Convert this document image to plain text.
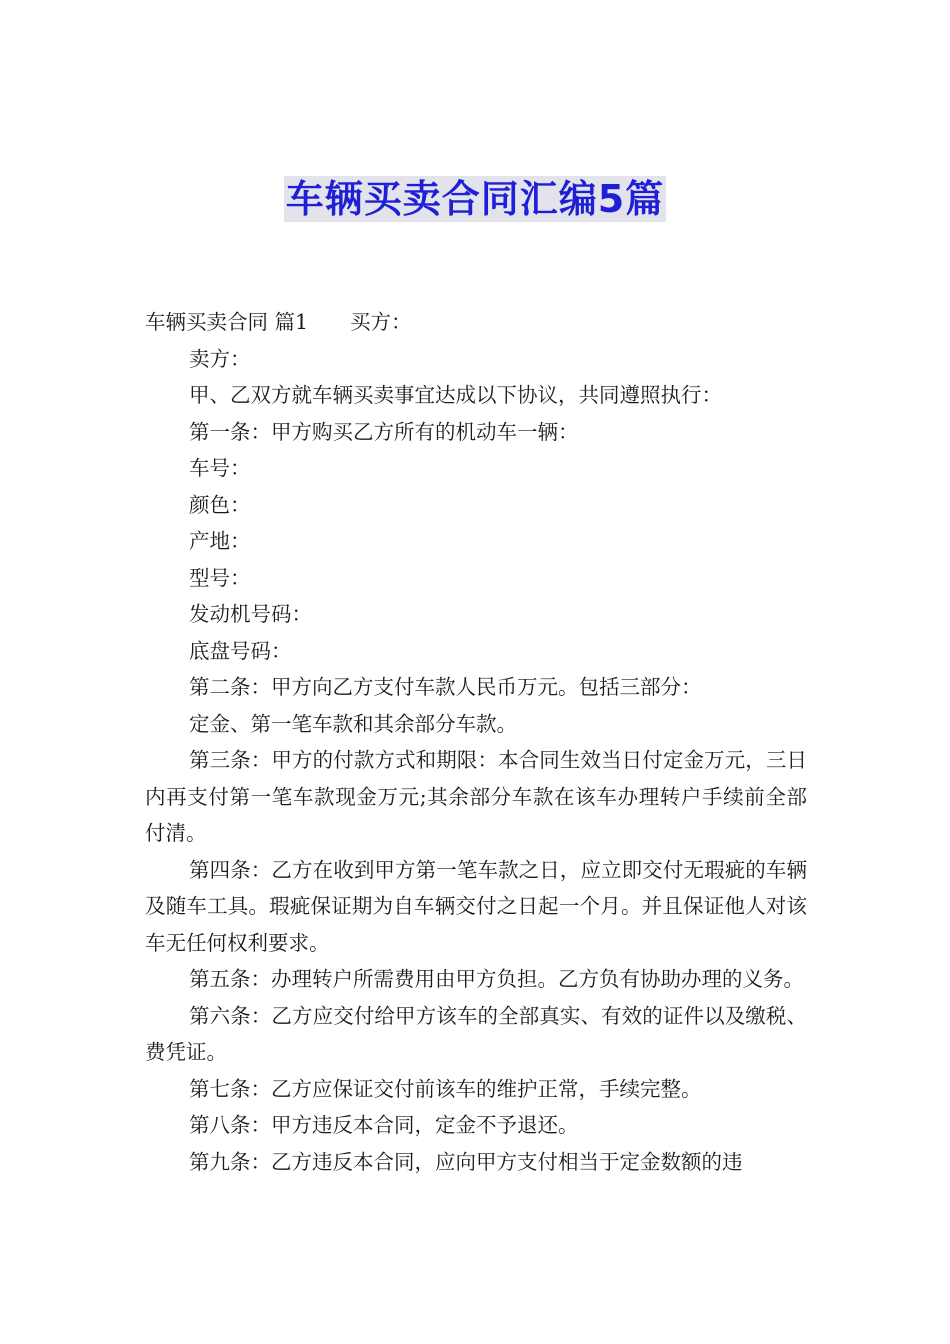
车辆买卖合同汇编5篇
车辆买卖合同 篇1 买方：
卖方：
甲、乙双方就车辆买卖事宜达成以下协议，共同遵照执行：
第一条：甲方购买乙方所有的机动车一辆：
车号：
颜色：
产地：
型号：
发动机号码：
底盘号码：
第二条：甲方向乙方支付车款人民币万元。包括三部分：
定金、第一笔车款和其余部分车款。
第三条：甲方的付款方式和期限：本合同生效当日付定金万元，三日内再支付第一笔车款现金万元;其余部分车款在该车办理转户手续前全部付清。
第四条：乙方在收到甲方第一笔车款之日，应立即交付无瑕疵的车辆及随车工具。瑕疵保证期为自车辆交付之日起一个月。并且保证他人对该车无任何权利要求。
第五条：办理转户所需费用由甲方负担。乙方负有协助办理的义务。
第六条：乙方应交付给甲方该车的全部真实、有效的证件以及缴税、费凭证。
第七条：乙方应保证交付前该车的维护正常，手续完整。
第八条：甲方违反本合同，定金不予退还。
第九条：乙方违反本合同，应向甲方支付相当于定金数额的违
